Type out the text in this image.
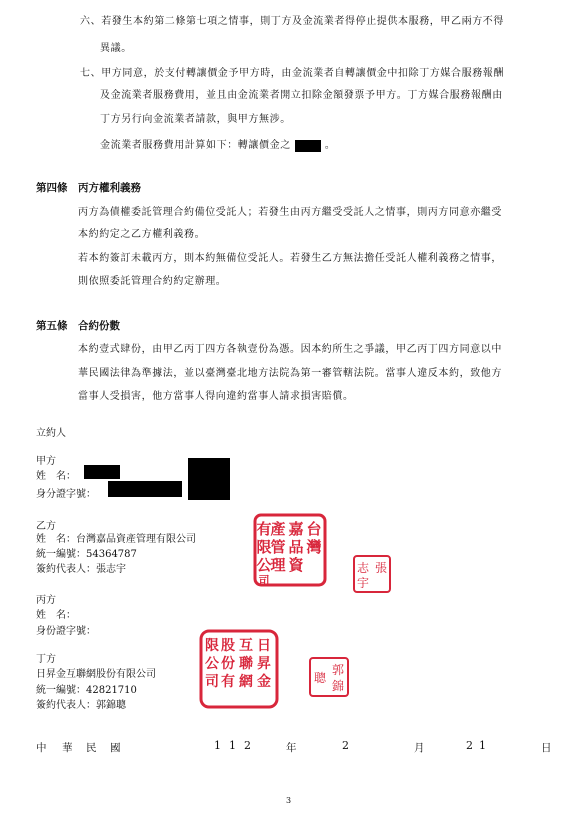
六、若發生本約第二條第七項之情事，則丁方及金流業者得停止提供本服務，甲乙兩方不得
異議。
七、甲方同意，於支付轉讓價金予甲方時，由金流業者自轉讓價金中扣除丁方媒合服務報酬
及金流業者服務費用，並且由金流業者開立扣除金額發票予甲方。丁方媒合服務報酬由
丁方另行向金流業者請款，與甲方無涉。
金流業者服務費用計算如下：轉讓價金之	。
第四條　丙方權利義務
丙方為債權委託管理合約備位受託人；若發生由丙方繼受受託人之情事，則丙方同意亦繼受
本約約定之乙方權利義務。
若本約簽訂未載丙方，則本約無備位受託人。若發生乙方無法擔任受託人權利義務之情事，
則依照委託管理合約約定辦理。
第五條　合約份數
本約壹式肆份，由甲乙丙丁四方各執壹份為憑。因本約所生之爭議，甲乙丙丁四方同意以中
華民國法律為準據法，並以臺灣臺北地方法院為第一審管轄法院。當事人違反本約，致他方
當事人受損害，他方當事人得向違約當事人請求損害賠償。
立約人
甲方
姓　名：
身分證字號：
乙方
姓　名：台灣嘉品資產管理有限公司
統一編號：54364787
簽約代表人：張志宇
丙方
姓　名：
身份證字號：
丁方
日昇金互聯網股份有限公司
統一編號：42821710
簽約代表人：郭錦聰
台
灣
嘉
品
資
產
管
理
有
限
公
司
張
志
宇
日
昇
金
互
聯
網
股
份
有
限
公
司
郭
錦
聰
中 華 民 國	112	年	2	月	21	日
3
